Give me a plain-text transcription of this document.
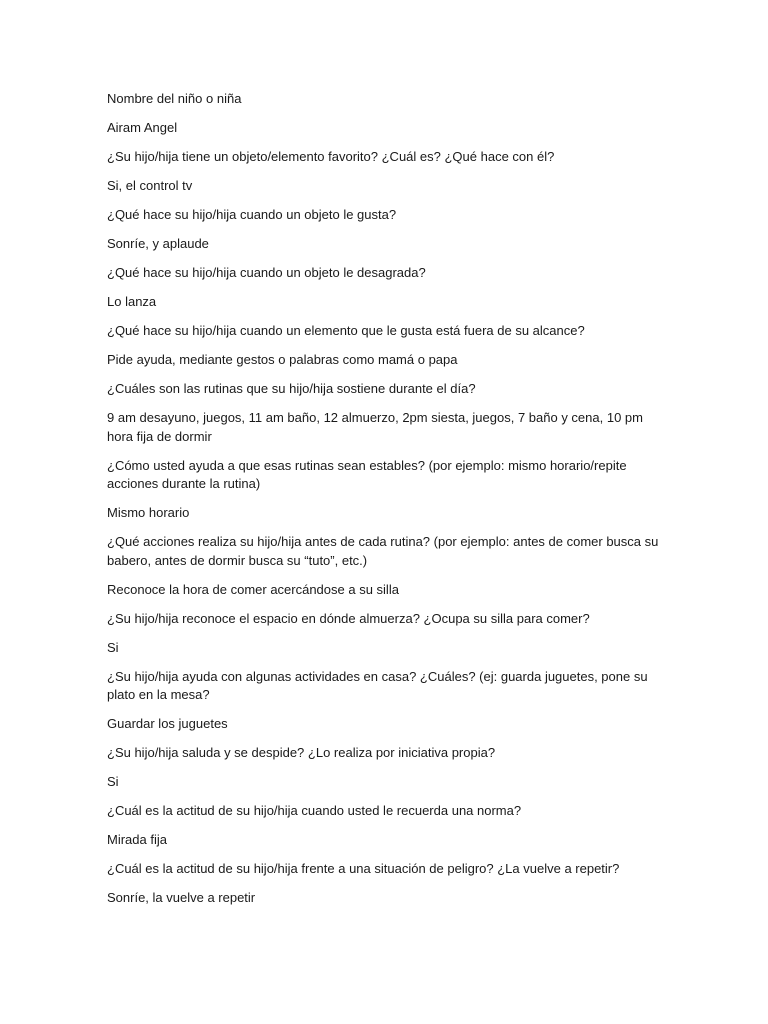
Nombre del niño o niña

Airam Angel

¿Su hijo/hija tiene un objeto/elemento favorito? ¿Cuál es? ¿Qué hace con él?

Si, el control tv

¿Qué hace su hijo/hija cuando un objeto le gusta?

Sonríe, y aplaude

¿Qué hace su hijo/hija cuando un objeto le desagrada?

Lo lanza

¿Qué hace su hijo/hija cuando un elemento que le gusta está fuera de su alcance?

Pide ayuda, mediante gestos o palabras como mamá o papa

¿Cuáles son las rutinas que su hijo/hija sostiene durante el día?

9 am desayuno, juegos, 11 am baño, 12 almuerzo, 2pm siesta, juegos, 7 baño y cena, 10 pm hora fija de dormir

¿Cómo usted ayuda a que esas rutinas sean estables? (por ejemplo: mismo horario/repite acciones durante la rutina)

Mismo horario

¿Qué acciones realiza su hijo/hija antes de cada rutina? (por ejemplo: antes de comer busca su babero, antes de dormir busca su “tuto”, etc.)

Reconoce la hora de comer acercándose a su silla

¿Su hijo/hija reconoce el espacio en dónde almuerza? ¿Ocupa su silla para comer?

Si

¿Su hijo/hija ayuda con algunas actividades en casa? ¿Cuáles? (ej: guarda juguetes, pone su plato en la mesa?

Guardar los juguetes

¿Su hijo/hija saluda y se despide? ¿Lo realiza por iniciativa propia?

Si

¿Cuál es la actitud de su hijo/hija cuando usted le recuerda una norma?

Mirada fija

¿Cuál es la actitud de su hijo/hija frente a una situación de peligro? ¿La vuelve a repetir?

Sonríe, la vuelve a repetir
